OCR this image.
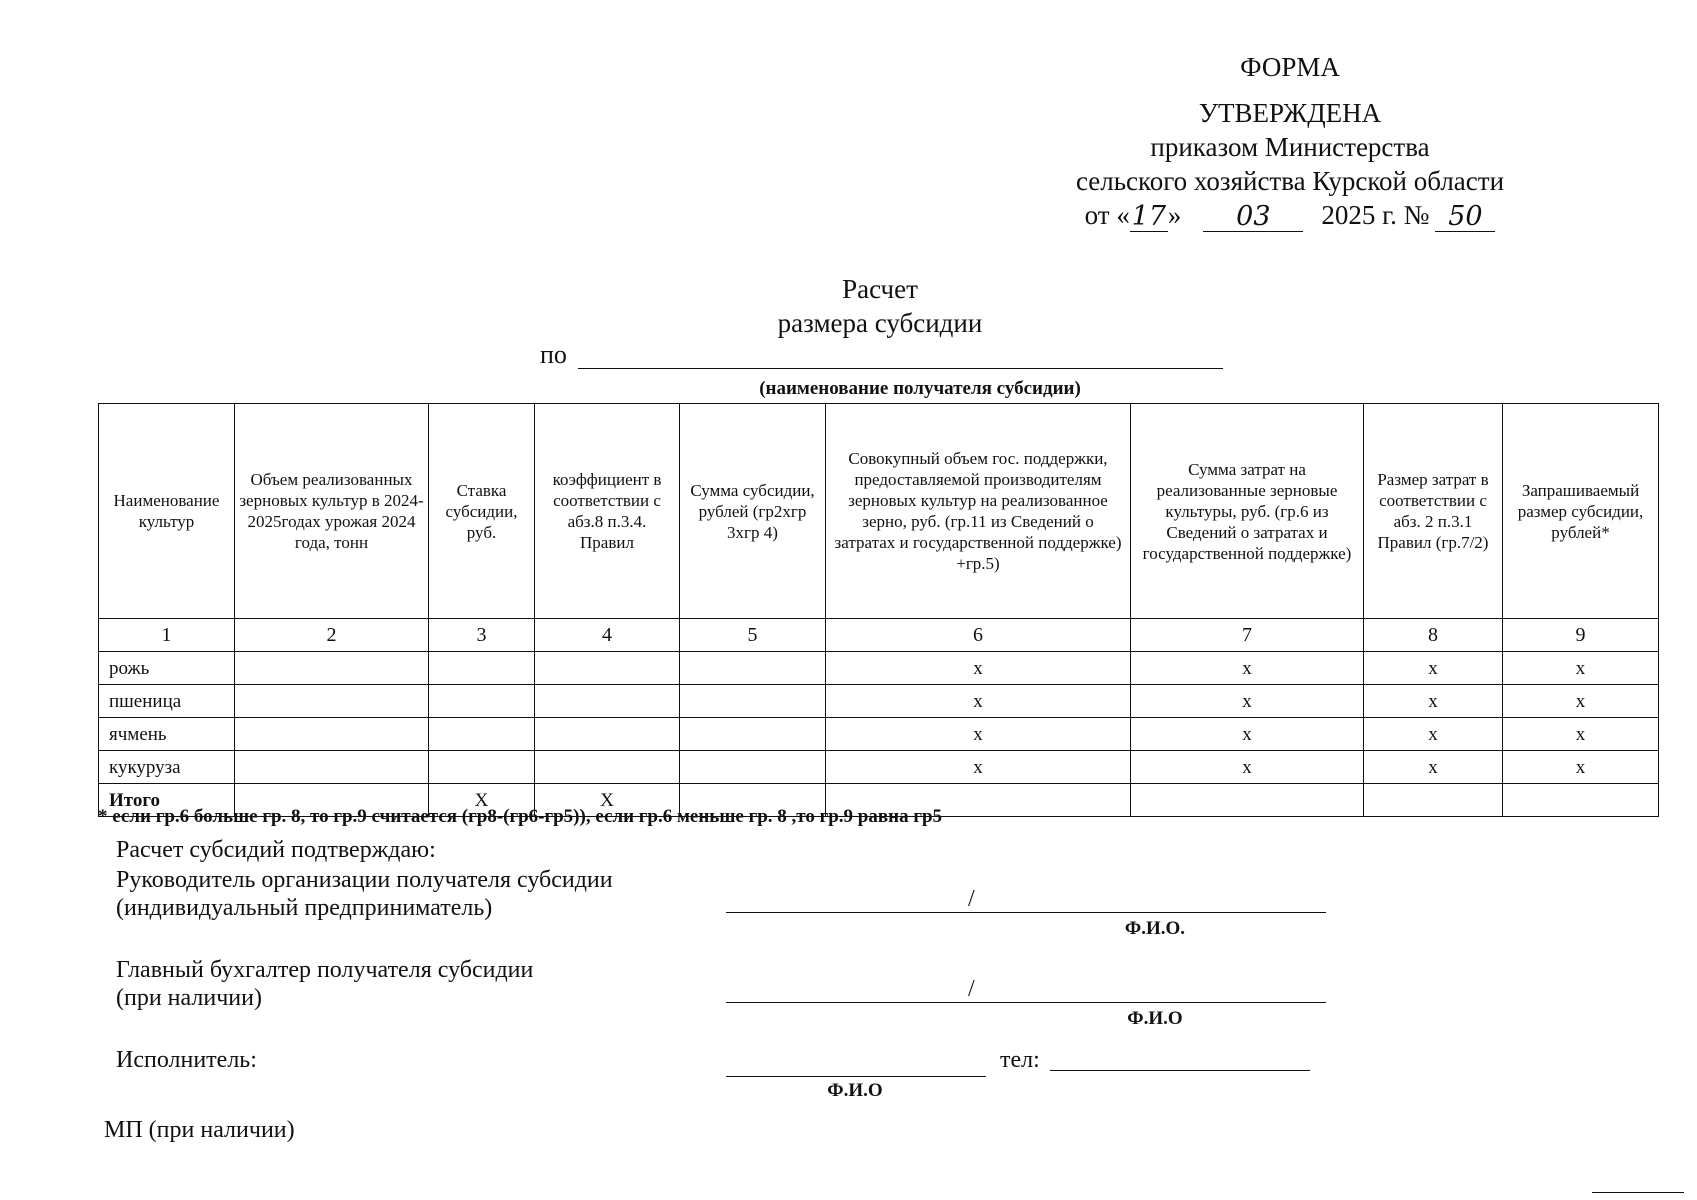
ФОРМА
УТВЕРЖДЕНА
приказом Министерства
сельского хозяйства Курской области
от « 17 »	03	2025 г. № 50
Расчет
размера субсидии
по
(наименование получателя субсидии)
Наименование культур	Объем реализованных зерновых культур в 2024-2025годах урожая 2024 года, тонн	Ставка субсидии, руб.	коэффициент в соответствии с абз.8 п.3.4. Правил	Сумма субсидии, рублей (гр2хгр 3хгр 4)	Совокупный объем гос. поддержки, предоставляемой производителям зерновых культур на реализованное зерно, руб. (гр.11 из Сведений о затратах и государственной поддержке) +гр.5)	Сумма затрат на реализованные зерновые культуры, руб. (гр.6 из Сведений о затратах и государственной поддержке)	Размер затрат в соответствии с абз. 2 п.3.1 Правил (гр.7/2)	Запрашиваемый размер субсидии, рублей*
1	2	3	4	5	6	7	8	9
рожь					х	х	х	х
пшеница					х	х	х	х
ячмень					х	х	х	х
кукуруза					х	х	х	х
Итого		Х	Х					
* если гр.6 больше гр. 8, то гр.9 считается (гр8-(гр6-гр5)), если гр.6 меньше гр. 8 ,то гр.9 равна гр5
Расчет субсидий подтверждаю:
Руководитель организации получателя субсидии
(индивидуальный предприниматель)	/
Ф.И.О.
Главный бухгалтер получателя субсидии
(при наличии)	/
Ф.И.О
Исполнитель:	тел:
Ф.И.О
МП (при наличии)
